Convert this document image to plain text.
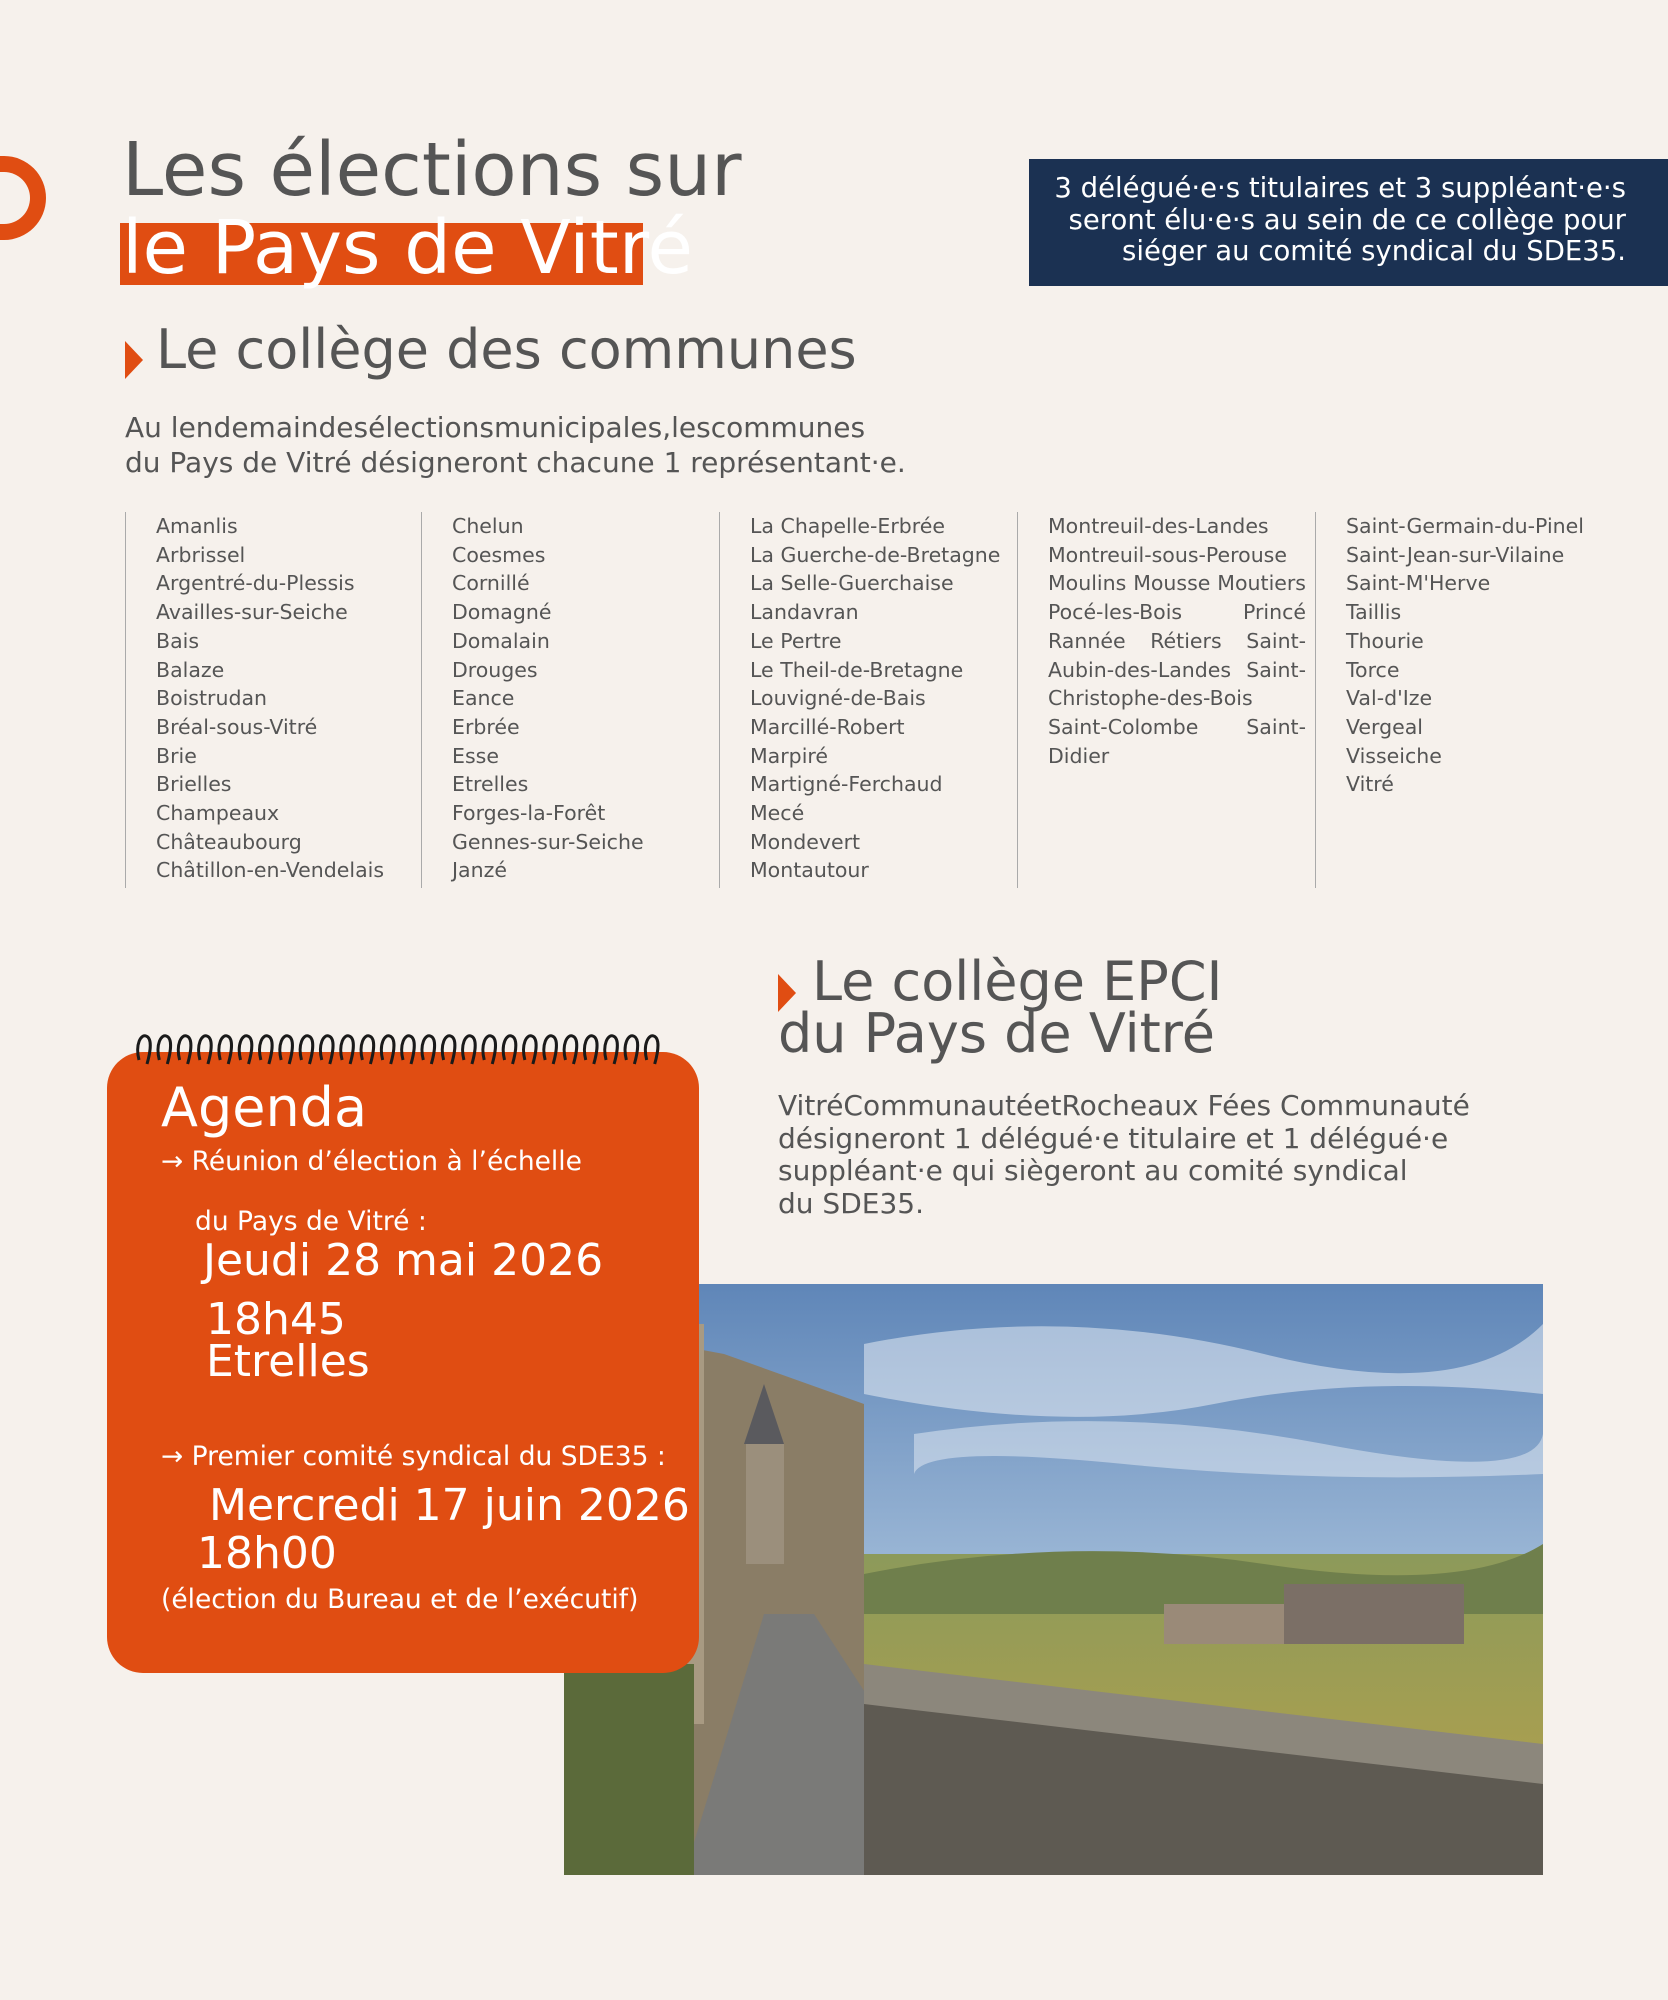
Les élections sur
le Pays de Vitré
3 délégué·e·s titulaires et 3 suppléant·e·s
seront élu·e·s au sein de ce collège pour
siéger au comité syndical du SDE35.
Le collège des communes
Au lendemaindesélectionsmunicipales,lescommunes
du Pays de Vitré désigneront chacune 1 représentant·e.
Amanlis
Arbrissel
Argentré-du-Plessis
Availles-sur-Seiche
Bais
Balaze
Boistrudan
Bréal-sous-Vitré
Brie
Brielles
Champeaux
Châteaubourg
Châtillon-en-Vendelais
Chelun
Coesmes
Cornillé
Domagné
Domalain
Drouges
Eance
Erbrée
Esse
Etrelles
Forges-la-Forêt
Gennes-sur-Seiche
Janzé
La Chapelle-Erbrée
La Guerche-de-Bretagne
La Selle-Guerchaise
Landavran
Le Pertre
Le Theil-de-Bretagne
Louvigné-de-Bais
Marcillé-Robert
Marpiré
Martigné-Ferchaud
Mecé
Mondevert
Montautour
Montreuil-des-Landes
Montreuil-sous-Perouse
Moulins Mousse Moutiers Pocé-les-Bois Princé Rannée Rétiers Saint-Aubin-des-Landes Saint-Christophe-des-Bois Saint-Colombe Saint-Didier
Saint-Germain-du-Pinel
Saint-Jean-sur-Vilaine
Saint-M'Herve
Taillis
Thourie
Torce
Val-d'Ize
Vergeal
Visseiche
Vitré
Le collège EPCI
du Pays de Vitré
VitréCommunautéetRocheaux Fées Communauté
désigneront 1 délégué·e titulaire et 1 délégué·e
suppléant·e qui siègeront au comité syndical
du SDE35.
Agenda
→ Réunion d’élection à l’échelle
du Pays de Vitré :
Jeudi 28 mai 2026
18h45
Etrelles
→ Premier comité syndical du SDE35 :
Mercredi 17 juin 2026
18h00
(élection du Bureau et de l’exécutif)
